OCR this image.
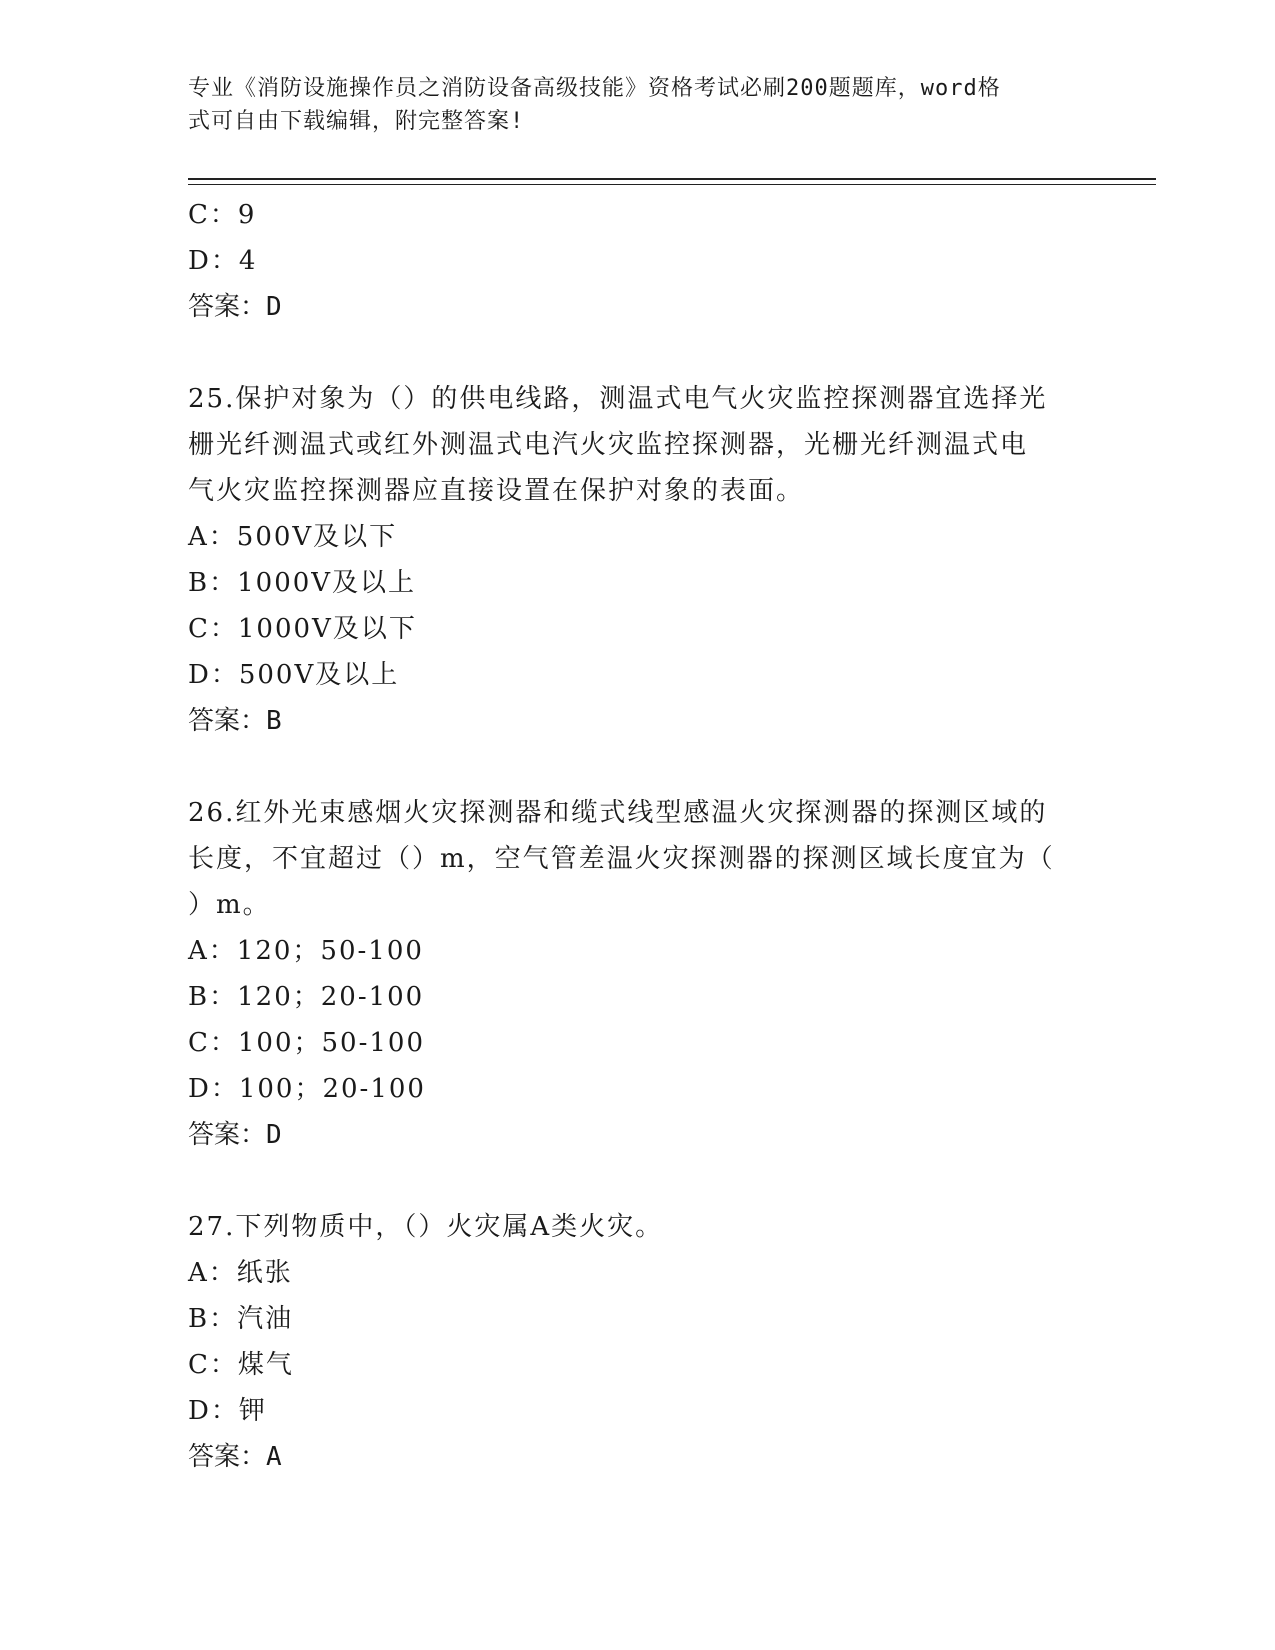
专业《消防设施操作员之消防设备高级技能》资格考试必刷200题题库，word格
式可自由下载编辑，附完整答案!
C：9
D：4
答案：D
25.保护对象为（）的供电线路，测温式电气火灾监控探测器宜选择光
栅光纤测温式或红外测温式电汽火灾监控探测器，光栅光纤测温式电
气火灾监控探测器应直接设置在保护对象的表面。
A：500V及以下
B：1000V及以上
C：1000V及以下
D：500V及以上
答案：B
26.红外光束感烟火灾探测器和缆式线型感温火灾探测器的探测区域的
长度，不宜超过（）m，空气管差温火灾探测器的探测区域长度宜为（
）m。
A：120；50-100
B：120；20-100
C：100；50-100
D：100；20-100
答案：D
27.下列物质中，（）火灾属A类火灾。
A：纸张
B：汽油
C：煤气
D：钾
答案：A
